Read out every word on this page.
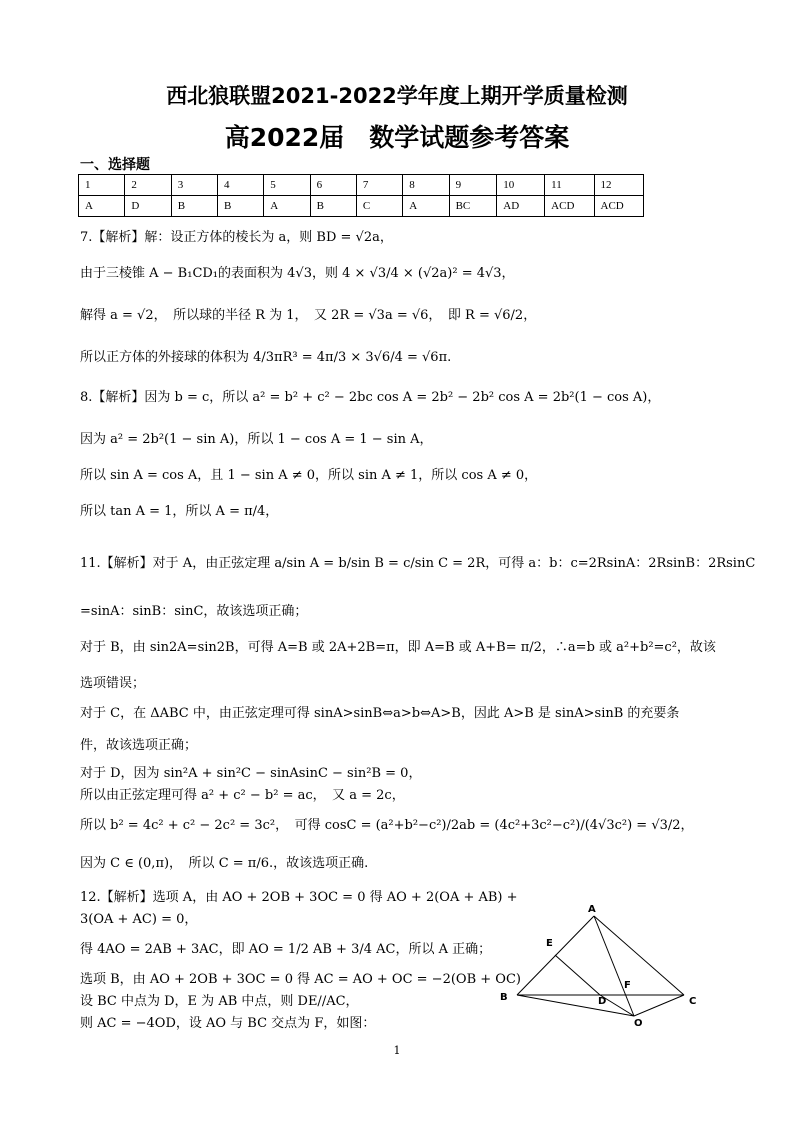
西北狼联盟2021-2022学年度上期开学质量检测
高2022届　数学试题参考答案
一、选择题
1	2	3	4	5	6	7	8	9	10	11	12
A	D	B	B	A	B	C	A	BC	AD	ACD	ACD
7.【解析】解：设正方体的棱长为 a，则 BD = √2a，
由于三棱锥 A − B₁CD₁的表面积为 4√3，则 4 × √3/4 × (√2a)² = 4√3，
解得 a = √2，　所以球的半径 R 为 1，　又 2R = √3a = √6，　即 R = √6/2，
所以正方体的外接球的体积为 4/3πR³ = 4π/3 × 3√6/4 = √6π.
8.【解析】因为 b = c，所以 a² = b² + c² − 2bc cos A = 2b² − 2b² cos A = 2b²(1 − cos A)，
因为 a² = 2b²(1 − sin A)，所以 1 − cos A = 1 − sin A，
所以 sin A = cos A，且 1 − sin A ≠ 0，所以 sin A ≠ 1，所以 cos A ≠ 0，
所以 tan A = 1，所以 A = π/4，
11.【解析】对于 A，由正弦定理 a/sin A = b/sin B = c/sin C = 2R，可得 a：b：c=2RsinA：2RsinB：2RsinC
=sinA：sinB：sinC，故该选项正确；
对于 B，由 sin2A=sin2B，可得 A=B 或 2A+2B=π，即 A=B 或 A+B= π/2，∴a=b 或 a²+b²=c²，故该
选项错误；
对于 C，在 ΔABC 中，由正弦定理可得 sinA>sinB⇔a>b⇔A>B，因此 A>B 是 sinA>sinB 的充要条
件，故该选项正确；
对于 D，因为 sin²A + sin²C − sinAsinC − sin²B = 0，
所以由正弦定理可得 a² + c² − b² = ac，　又 a = 2c，
所以 b² = 4c² + c² − 2c² = 3c²，　可得 cosC = (a²+b²−c²)/2ab = (4c²+3c²−c²)/(4√3c²) = √3/2，
因为 C ∈ (0,π)，　所以 C = π/6.，故该选项正确.
12.【解析】选项 A，由 AO + 2OB + 3OC = 0 得 AO + 2(OA + AB) +
3(OA + AC) = 0，
得 4AO = 2AB + 3AC，即 AO = 1/2 AB + 3/4 AC，所以 A 正确；
选项 B，由 AO + 2OB + 3OC = 0 得 AC = AO + OC = −2(OB + OC)
设 BC 中点为 D，E 为 AB 中点，则 DE//AC，
则 AC = −4OD，设 AO 与 BC 交点为 F，如图：
A
E
F
B	D	C
O
1
